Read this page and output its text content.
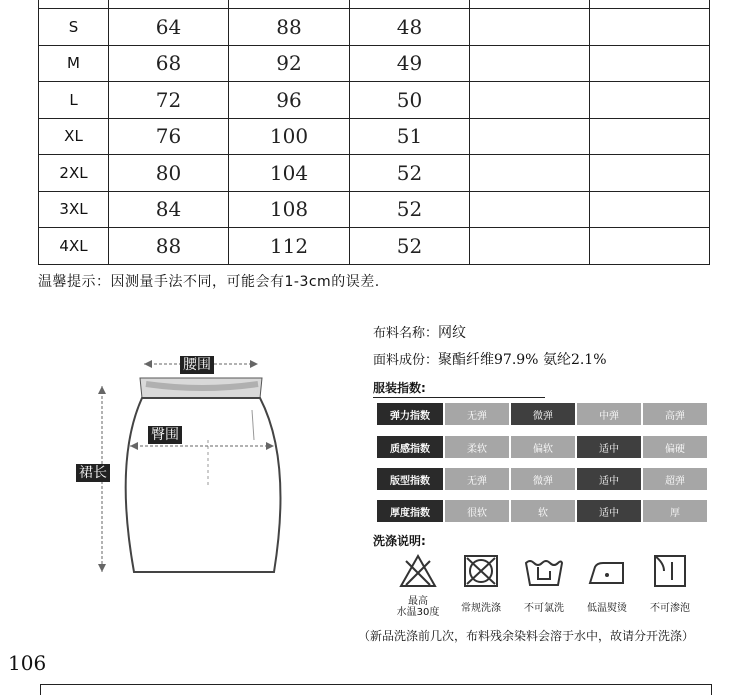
S	64	88	48		
M	68	92	49		
L	72	96	50		
XL	76	100	51		
2XL	80	104	52		
3XL	84	108	52		
4XL	88	112	52		
温馨提示：因测量手法不同，可能会有1-3cm的误差.
腰围
臀围
裙长
布料名称：网纹
面料成份：聚酯纤维97.9% 氨纶2.1%
服装指数:
弹力指数	无弹	微弹	中弹	高弹
质感指数	柔软	偏软	适中	偏硬
版型指数	无弹	微弹	适中	超弹
厚度指数	很软	软	适中	厚
洗涤说明:
最高
水温30度	常规洗涤	不可氯洗	低温熨烫	不可渗泡
（新品洗涤前几次，布料残余染料会溶于水中，故请分开洗涤）
106
